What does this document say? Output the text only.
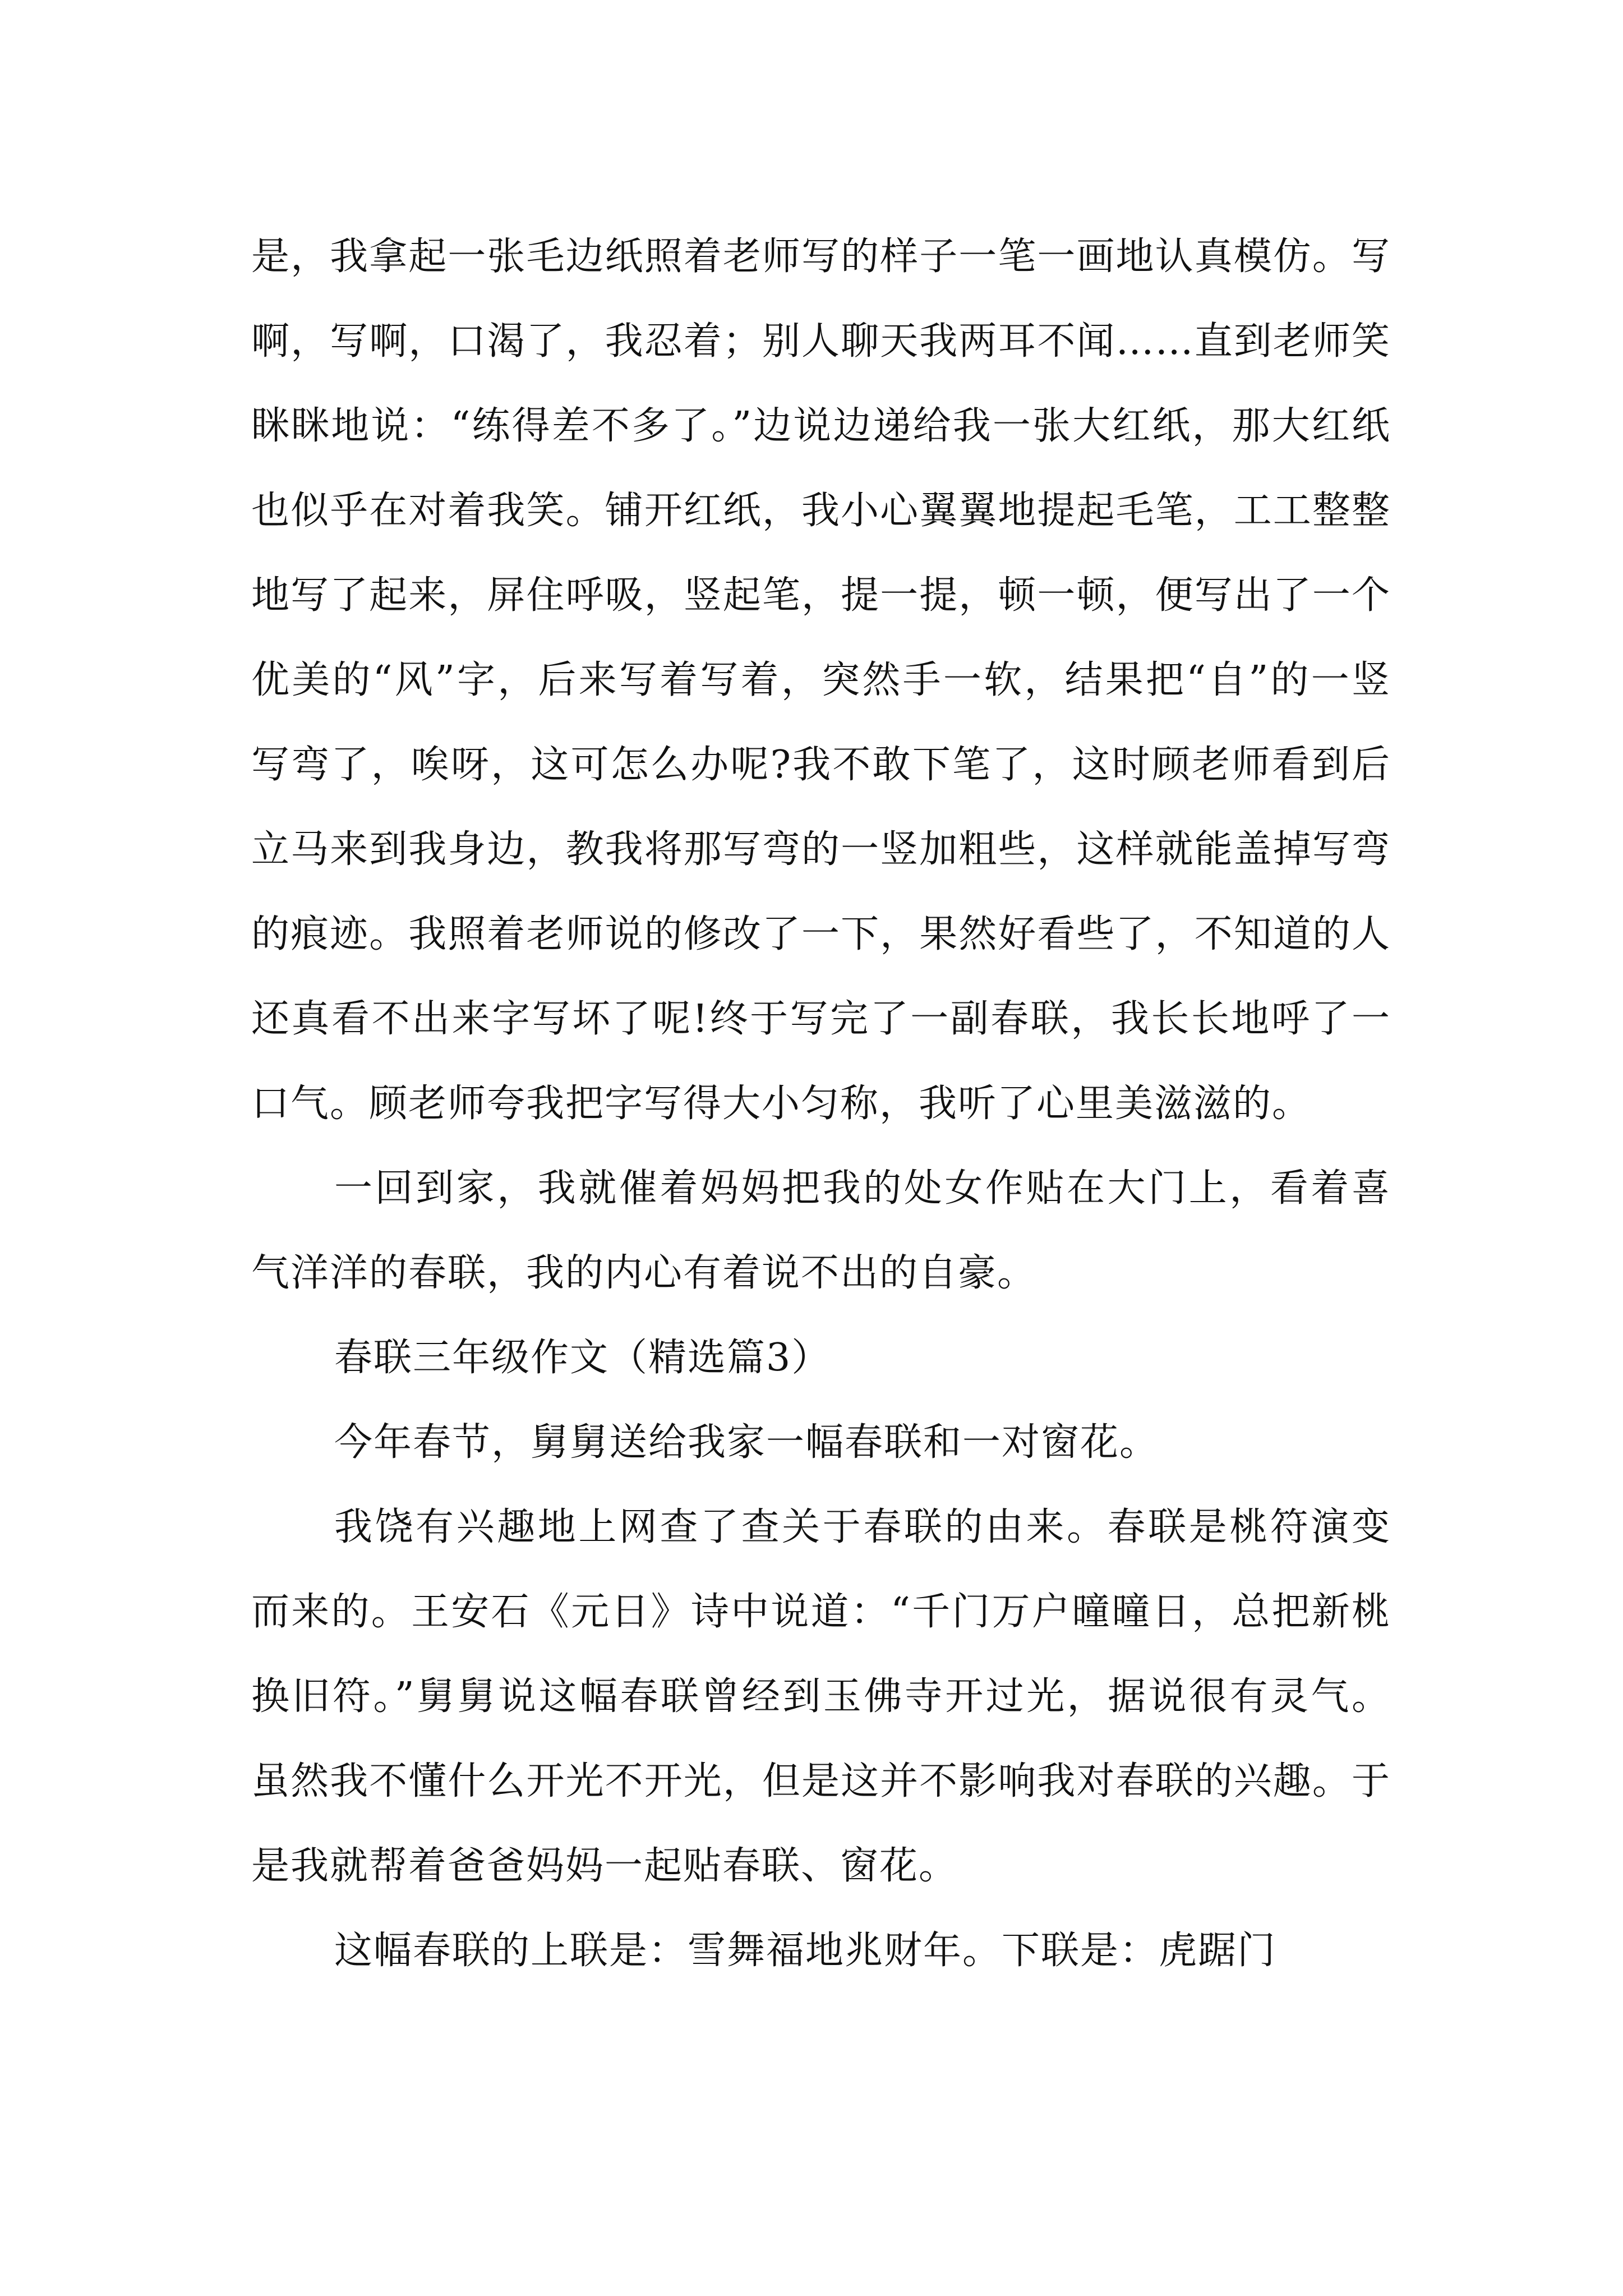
是，我拿起一张毛边纸照着老师写的样子一笔一画地认真模仿。写啊，写啊，口渴了，我忍着；别人聊天我两耳不闻……直到老师笑眯眯地说：“练得差不多了。”边说边递给我一张大红纸，那大红纸也似乎在对着我笑。铺开红纸，我小心翼翼地提起毛笔，工工整整地写了起来，屏住呼吸，竖起笔，提一提，顿一顿，便写出了一个优美的“风”字，后来写着写着，突然手一软，结果把“自”的一竖写弯了，唉呀，这可怎么办呢?我不敢下笔了，这时顾老师看到后立马来到我身边，教我将那写弯的一竖加粗些，这样就能盖掉写弯的痕迹。我照着老师说的修改了一下，果然好看些了，不知道的人还真看不出来字写坏了呢!终于写完了一副春联，我长长地呼了一口气。顾老师夸我把字写得大小匀称，我听了心里美滋滋的。

一回到家，我就催着妈妈把我的处女作贴在大门上，看着喜气洋洋的春联，我的内心有着说不出的自豪。

春联三年级作文（精选篇3）

今年春节，舅舅送给我家一幅春联和一对窗花。

我饶有兴趣地上网查了查关于春联的由来。春联是桃符演变而来的。王安石《元日》诗中说道：“千门万户曈曈日，总把新桃换旧符。”舅舅说这幅春联曾经到玉佛寺开过光，据说很有灵气。虽然我不懂什么开光不开光，但是这并不影响我对春联的兴趣。于是我就帮着爸爸妈妈一起贴春联、窗花。

这幅春联的上联是：雪舞福地兆财年。下联是：虎踞门
